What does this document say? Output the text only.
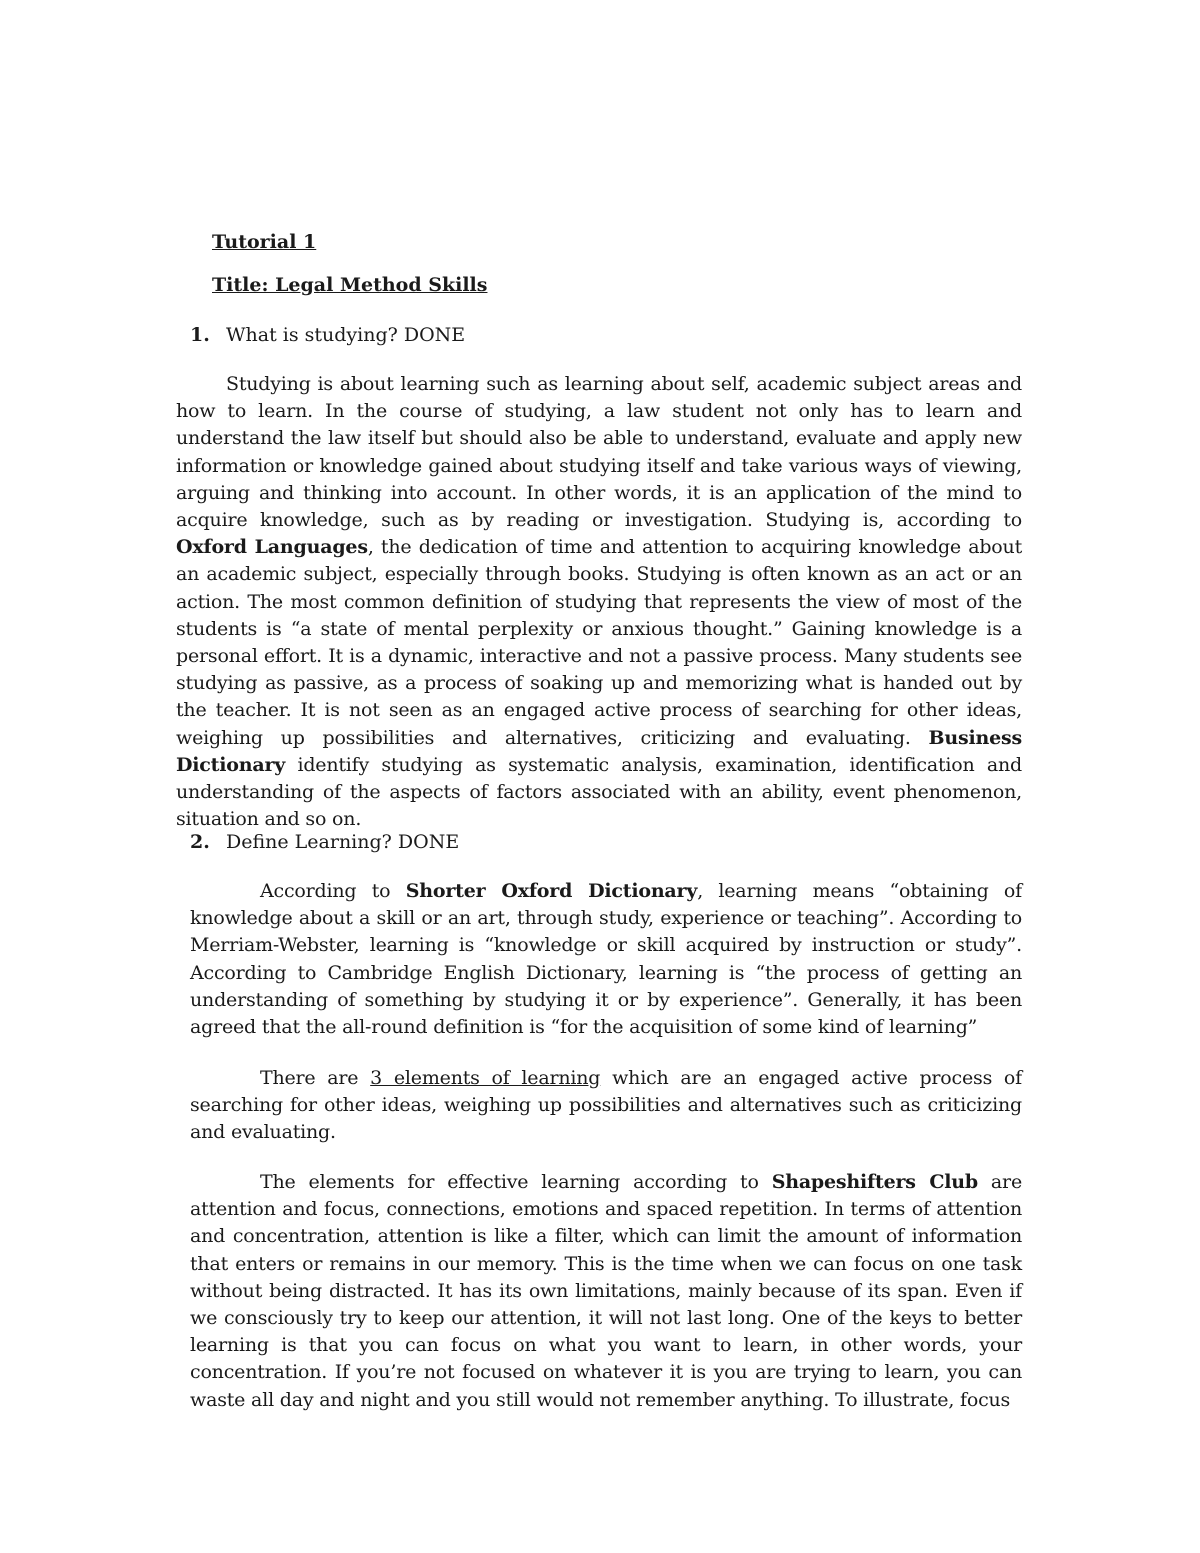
Tutorial 1

Title: Legal Method Skills

1. What is studying? DONE

Studying is about learning such as learning about self, academic subject areas and how to learn. In the course of studying, a law student not only has to learn and understand the law itself but should also be able to understand, evaluate and apply new information or knowledge gained about studying itself and take various ways of viewing, arguing and thinking into account. In other words, it is an application of the mind to acquire knowledge, such as by reading or investigation. Studying is, according to Oxford Languages, the dedication of time and attention to acquiring knowledge about an academic subject, especially through books. Studying is often known as an act or an action. The most common definition of studying that represents the view of most of the students is “a state of mental perplexity or anxious thought.” Gaining knowledge is a personal effort. It is a dynamic, interactive and not a passive process. Many students see studying as passive, as a process of soaking up and memorizing what is handed out by the teacher. It is not seen as an engaged active process of searching for other ideas, weighing up possibilities and alternatives, criticizing and evaluating. Business Dictionary identify studying as systematic analysis, examination, identification and understanding of the aspects of factors associated with an ability, event phenomenon, situation and so on.

2. Define Learning? DONE

According to Shorter Oxford Dictionary, learning means “obtaining of knowledge about a skill or an art, through study, experience or teaching”. According to Merriam-Webster, learning is “knowledge or skill acquired by instruction or study”. According to Cambridge English Dictionary, learning is “the process of getting an understanding of something by studying it or by experience”. Generally, it has been agreed that the all-round definition is “for the acquisition of some kind of learning”

There are 3 elements of learning which are an engaged active process of searching for other ideas, weighing up possibilities and alternatives such as criticizing and evaluating.

The elements for effective learning according to Shapeshifters Club are attention and focus, connections, emotions and spaced repetition. In terms of attention and concentration, attention is like a filter, which can limit the amount of information that enters or remains in our memory. This is the time when we can focus on one task without being distracted. It has its own limitations, mainly because of its span. Even if we consciously try to keep our attention, it will not last long. One of the keys to better learning is that you can focus on what you want to learn, in other words, your concentration. If you’re not focused on whatever it is you are trying to learn, you can waste all day and night and you still would not remember anything. To illustrate, focus
